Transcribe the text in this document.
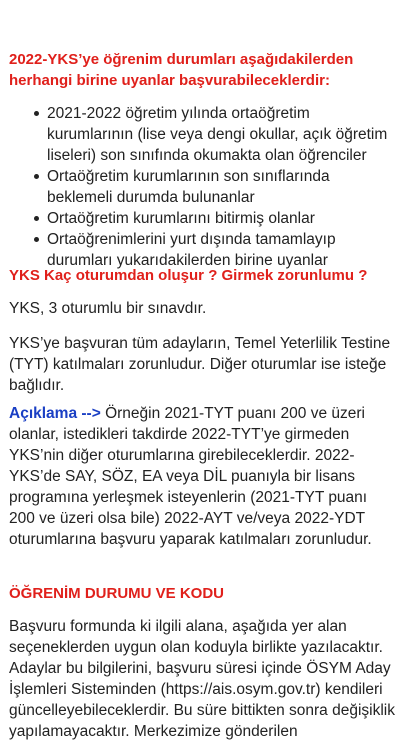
2022-YKS’ye öğrenim durumları aşağıdakilerden herhangi birine uyanlar başvurabileceklerdir:
2021-2022 öğretim yılında ortaöğretim kurumlarının (lise veya dengi okullar, açık öğretim liseleri) son sınıfında okumakta olan öğrenciler
Ortaöğretim kurumlarının son sınıflarında beklemeli durumda bulunanlar
Ortaöğretim kurumlarını bitirmiş olanlar
Ortaöğrenimlerini yurt dışında tamamlayıp durumları yukarıdakilerden birine uyanlar
YKS Kaç oturumdan oluşur ? Girmek zorunlumu ?

YKS, 3 oturumlu bir sınavdır.

YKS’ye başvuran tüm adayların, Temel Yeterlilik Testine (TYT) katılmaları zorunludur. Diğer oturumlar ise isteğe bağlıdır.

Açıklama --> Örneğin 2021-TYT puanı 200 ve üzeri olanlar, istedikleri takdirde 2022-TYT’ye girmeden YKS’nin diğer oturumlarına girebileceklerdir. 2022-YKS’de SAY, SÖZ, EA veya DİL puanıyla bir lisans programına yerleşmek isteyenlerin (2021-TYT puanı 200 ve üzeri olsa bile) 2022-AYT ve/veya 2022-YDT oturumlarına başvuru yaparak katılmaları zorunludur.

ÖĞRENİM DURUMU VE KODU

Başvuru formunda ki ilgili alana, aşağıda yer alan seçeneklerden uygun olan koduyla birlikte yazılacaktır. Adaylar bu bilgilerini, başvuru süresi içinde ÖSYM Aday İşlemleri Sisteminden (https://ais.osym.gov.tr) kendileri güncelleyebileceklerdir. Bu süre bittikten sonra değişiklik yapılamayacaktır. Merkezimize gönderilen
